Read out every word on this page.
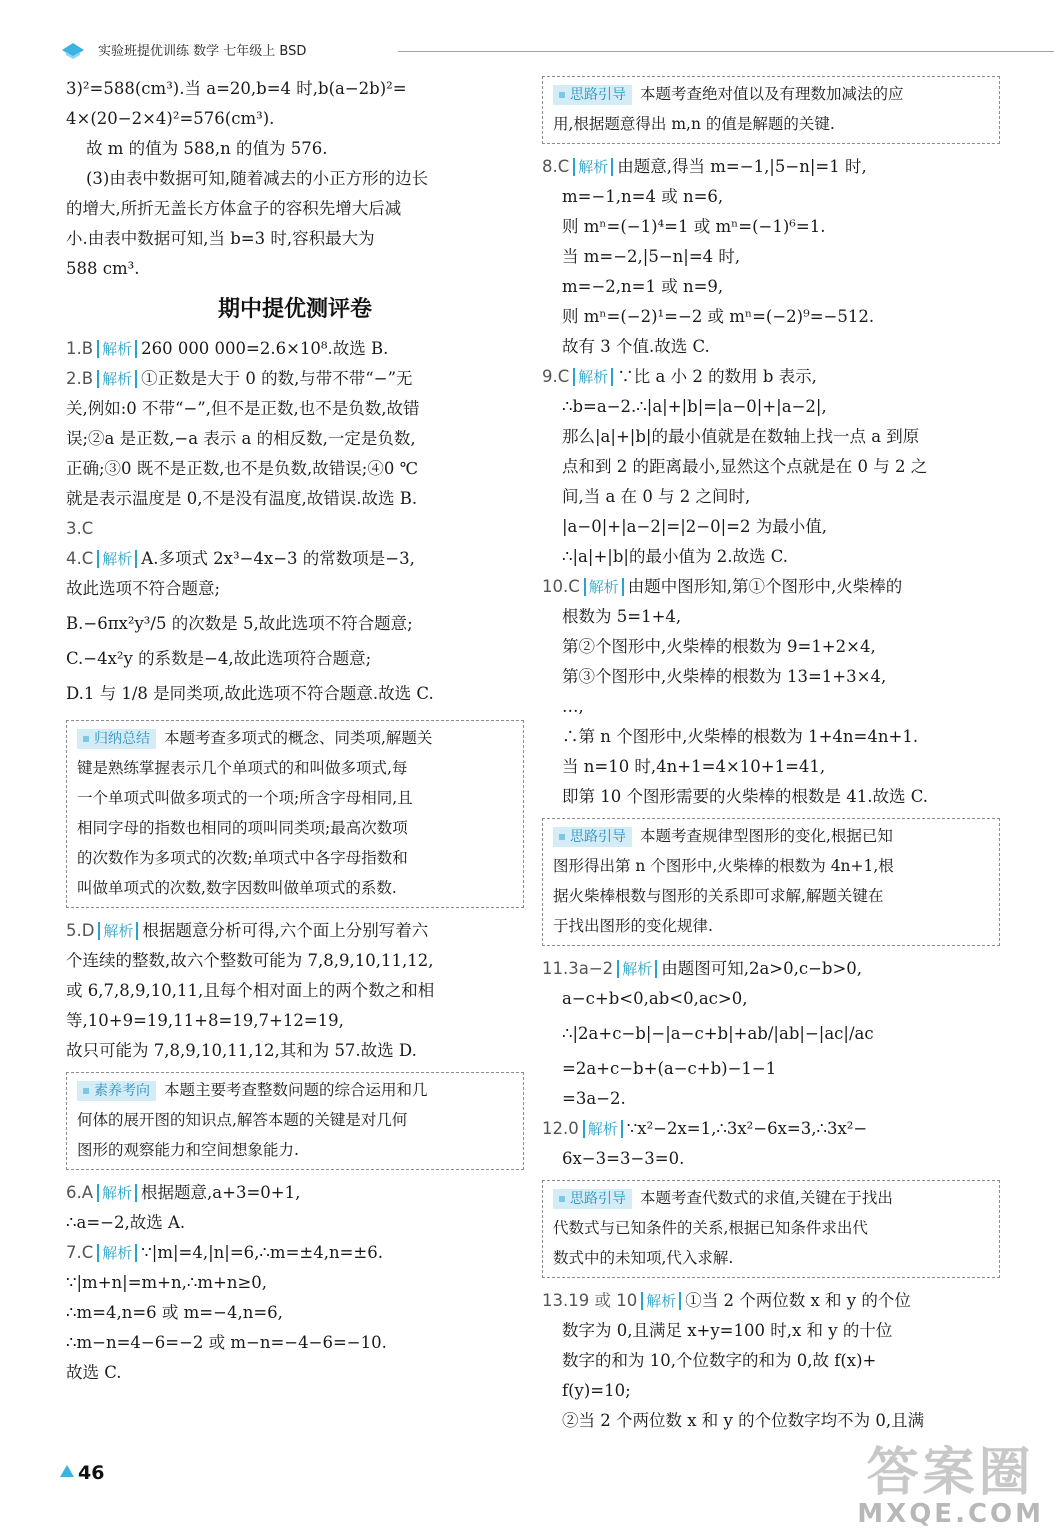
实验班提优训练 数学 七年级上 BSD
3)²=588(cm³).当 a=20,b=4 时,b(a−2b)²=
4×(20−2×4)²=576(cm³).
故 m 的值为 588,n 的值为 576.
(3)由表中数据可知,随着减去的小正方形的边长
的增大,所折无盖长方体盒子的容积先增大后减
小.由表中数据可知,当 b=3 时,容积最大为
588 cm³.
期中提优测评卷
1.B 解析 260 000 000=2.6×10⁸.故选 B.
2.B 解析 ①正数是大于 0 的数,与带不带“−”无
关,例如:0 不带“−”,但不是正数,也不是负数,故错
误;②a 是正数,−a 表示 a 的相反数,一定是负数,
正确;③0 既不是正数,也不是负数,故错误;④0 ℃
就是表示温度是 0,不是没有温度,故错误.故选 B.
3.C
4.C 解析 A.多项式 2x³−4x−3 的常数项是−3,
故此选项不符合题意;
B.−6πx²y³/5 的次数是 5,故此选项不符合题意;
C.−4x²y 的系数是−4,故此选项符合题意;
D.1 与 1/8 是同类项,故此选项不符合题意.故选 C.
归纳总结 本题考查多项式的概念、同类项,解题关
键是熟练掌握表示几个单项式的和叫做多项式,每
一个单项式叫做多项式的一个项;所含字母相同,且
相同字母的指数也相同的项叫同类项;最高次数项
的次数作为多项式的次数;单项式中各字母指数和
叫做单项式的次数,数字因数叫做单项式的系数.
5.D 解析 根据题意分析可得,六个面上分别写着六
个连续的整数,故六个整数可能为 7,8,9,10,11,12,
或 6,7,8,9,10,11,且每个相对面上的两个数之和相
等,10+9=19,11+8=19,7+12=19,
故只可能为 7,8,9,10,11,12,其和为 57.故选 D.
素养考向 本题主要考查整数问题的综合运用和几
何体的展开图的知识点,解答本题的关键是对几何
图形的观察能力和空间想象能力.
6.A 解析 根据题意,a+3=0+1,
∴a=−2,故选 A.
7.C 解析 ∵|m|=4,|n|=6,∴m=±4,n=±6.
∵|m+n|=m+n,∴m+n≥0,
∴m=4,n=6 或 m=−4,n=6,
∴m−n=4−6=−2 或 m−n=−4−6=−10.
故选 C.
思路引导 本题考查绝对值以及有理数加减法的应
用,根据题意得出 m,n 的值是解题的关键.
8.C 解析 由题意,得当 m=−1,|5−n|=1 时,
m=−1,n=4 或 n=6,
则 mⁿ=(−1)⁴=1 或 mⁿ=(−1)⁶=1.
当 m=−2,|5−n|=4 时,
m=−2,n=1 或 n=9,
则 mⁿ=(−2)¹=−2 或 mⁿ=(−2)⁹=−512.
故有 3 个值.故选 C.
9.C 解析 ∵比 a 小 2 的数用 b 表示,
∴b=a−2.∴|a|+|b|=|a−0|+|a−2|,
那么|a|+|b|的最小值就是在数轴上找一点 a 到原
点和到 2 的距离最小,显然这个点就是在 0 与 2 之
间,当 a 在 0 与 2 之间时,
|a−0|+|a−2|=|2−0|=2 为最小值,
∴|a|+|b|的最小值为 2.故选 C.
10.C 解析 由题中图形知,第①个图形中,火柴棒的
根数为 5=1+4,
第②个图形中,火柴棒的根数为 9=1+2×4,
第③个图形中,火柴棒的根数为 13=1+3×4,
…,
∴第 n 个图形中,火柴棒的根数为 1+4n=4n+1.
当 n=10 时,4n+1=4×10+1=41,
即第 10 个图形需要的火柴棒的根数是 41.故选 C.
思路引导 本题考查规律型图形的变化,根据已知
图形得出第 n 个图形中,火柴棒的根数为 4n+1,根
据火柴棒根数与图形的关系即可求解,解题关键在
于找出图形的变化规律.
11.3a−2 解析 由题图可知,2a>0,c−b>0,
a−c+b<0,ab<0,ac>0,
∴|2a+c−b|−|a−c+b|+ab/|ab|−|ac|/ac
=2a+c−b+(a−c+b)−1−1
=3a−2.
12.0 解析 ∵x²−2x=1,∴3x²−6x=3,∴3x²−
6x−3=3−3=0.
思路引导 本题考查代数式的求值,关键在于找出
代数式与已知条件的关系,根据已知条件求出代
数式中的未知项,代入求解.
13.19 或 10 解析 ①当 2 个两位数 x 和 y 的个位
数字为 0,且满足 x+y=100 时,x 和 y 的十位
数字的和为 10,个位数字的和为 0,故 f(x)+
f(y)=10;
②当 2 个两位数 x 和 y 的个位数字均不为 0,且满
46	答案圈
MXQE.COM
